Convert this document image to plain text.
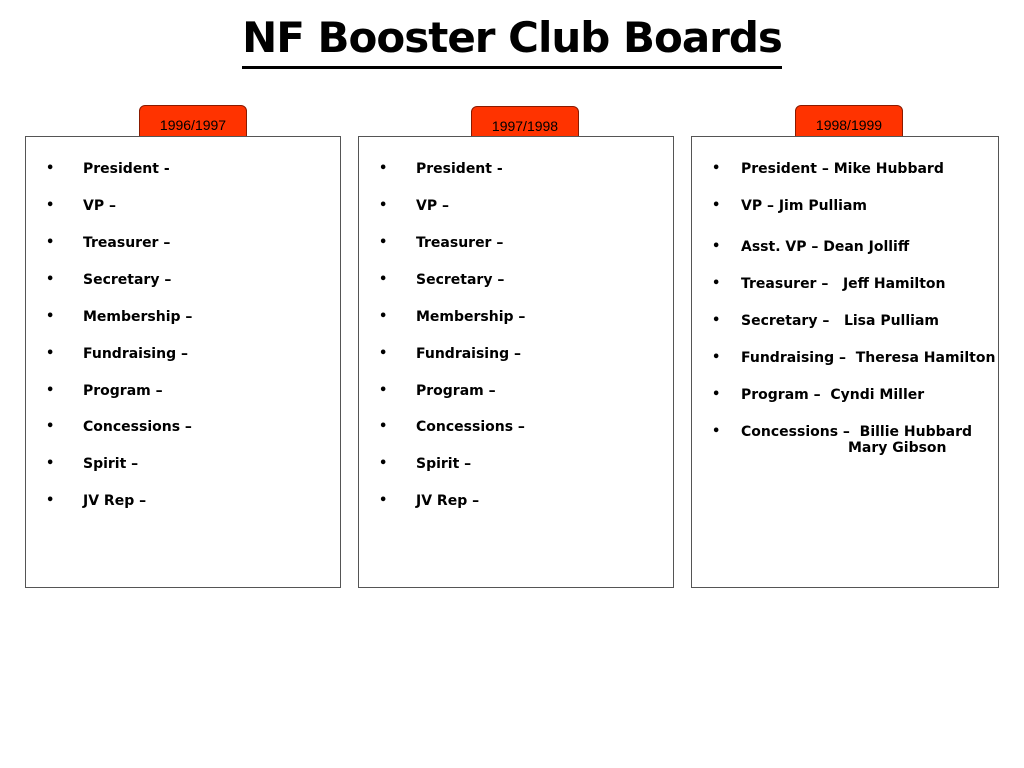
NF Booster Club Boards
1996/1997
• President -
• VP –
• Treasurer –
• Secretary –
• Membership –
• Fundraising –
• Program –
• Concessions –
• Spirit –
• JV Rep –
1997/1998
• President -
• VP –
• Treasurer –
• Secretary –
• Membership –
• Fundraising –
• Program –
• Concessions –
• Spirit –
• JV Rep –
1998/1999
• President – Mike Hubbard
• VP – Jim Pulliam
• Asst. VP – Dean Jolliff
• Treasurer –   Jeff Hamilton
• Secretary –   Lisa Pulliam
• Fundraising –  Theresa Hamilton
• Program –  Cyndi Miller
• Concessions –  Billie Hubbard
Mary Gibson
